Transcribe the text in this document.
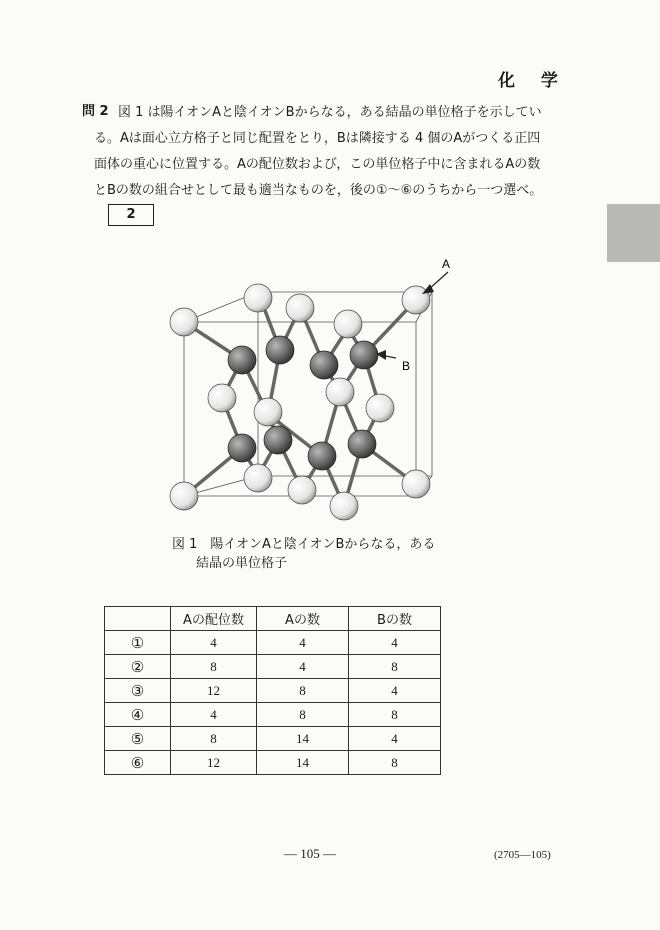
化 学
問 2 図 1 は陽イオンAと陰イオンBからなる，ある結晶の単位格子を示してい
る。Aは面心立方格子と同じ配置をとり，Bは隣接する 4 個のAがつくる正四
面体の重心に位置する。Aの配位数および，この単位格子中に含まれるAの数
とBの数の組合せとして最も適当なものを，後の①～⑥のうちから一つ選べ。
2
A
B
図 1　陽イオンAと陰イオンBからなる，ある
結晶の単位格子
	Aの配位数	Aの数	Bの数
①	4	4	4
②	8	4	8
③	12	8	4
④	4	8	8
⑤	8	14	4
⑥	12	14	8
— 105 —	(2705—105)
